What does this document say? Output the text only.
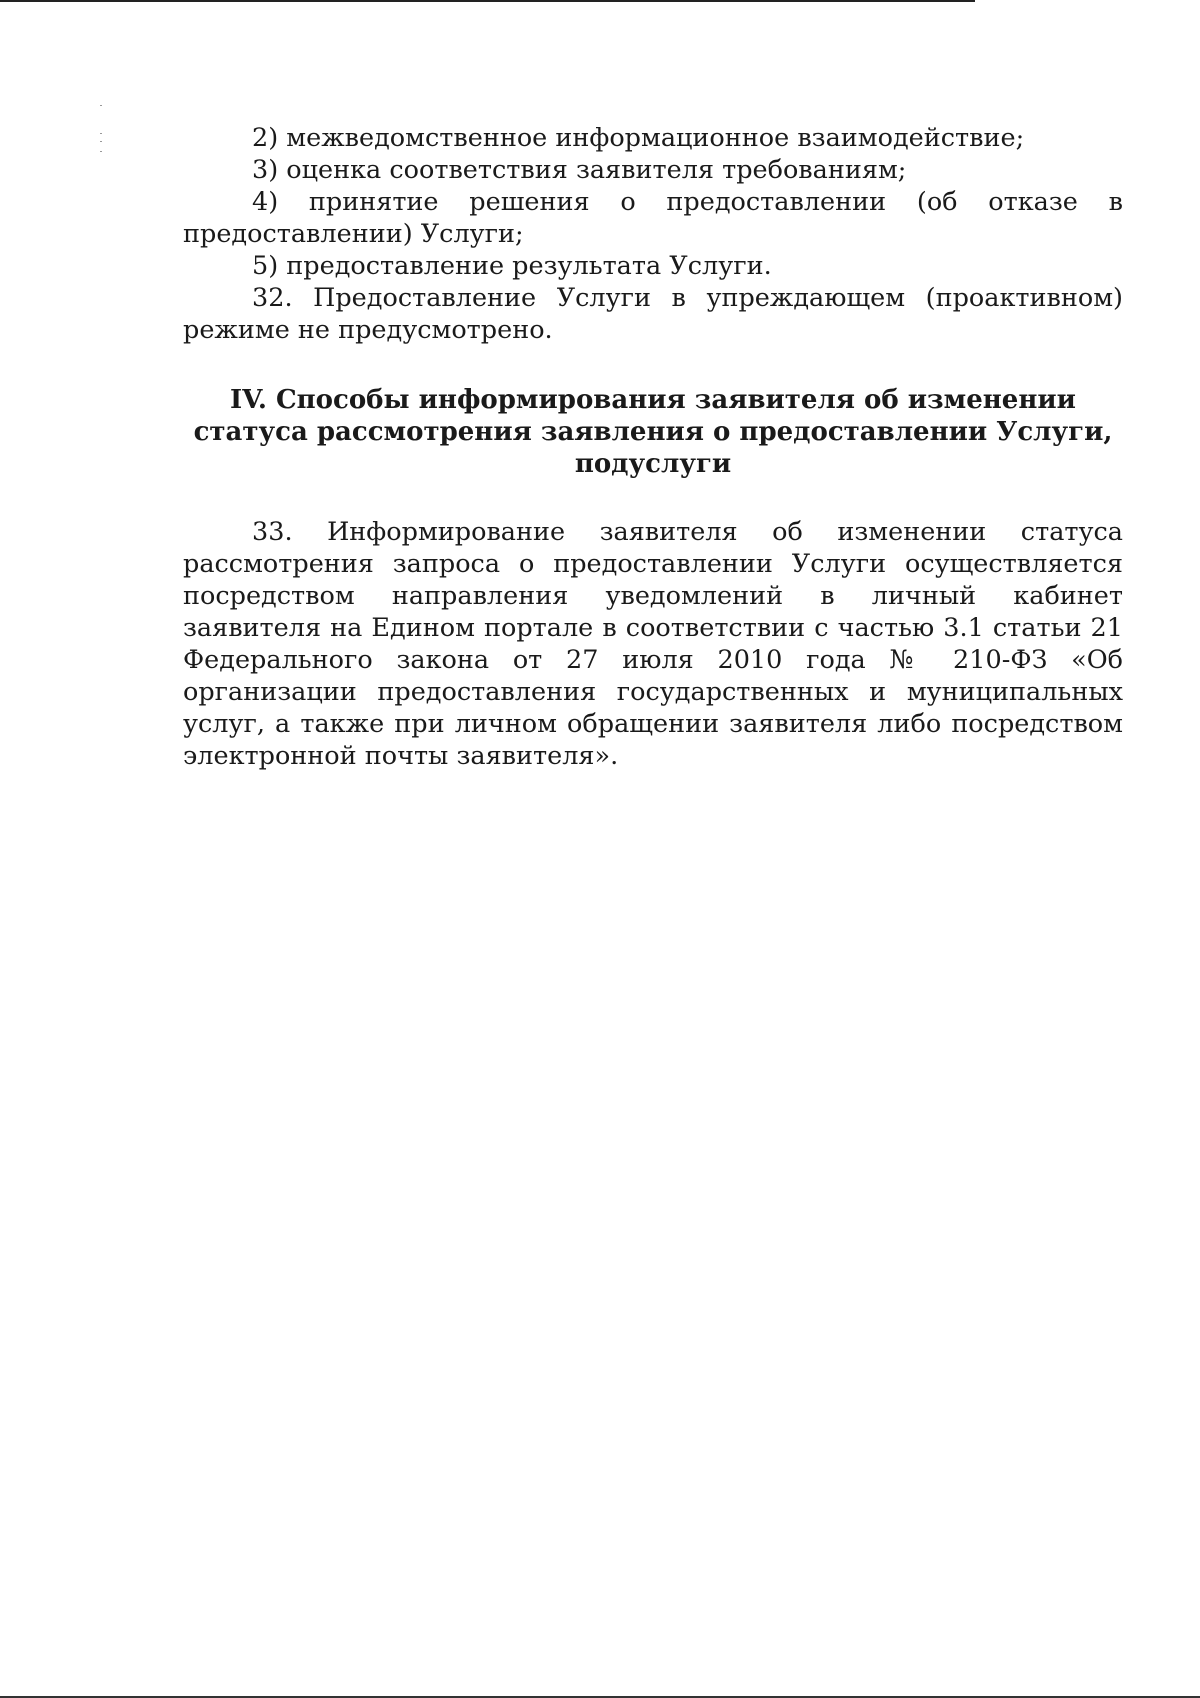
2) межведомственное информационное взаимодействие;

3) оценка соответствия заявителя требованиям;

4) принятие решения о предоставлении (об отказе в предоставлении) Услуги;

5) предоставление результата Услуги.

32. Предоставление Услуги в упреждающем (проактивном) режиме не предусмотрено.

IV. Способы информирования заявителя об изменении
статуса рассмотрения заявления о предоставлении Услуги, подуслуги

33. Информирование заявителя об изменении статуса рассмотрения запроса о предоставлении Услуги осуществляется посредством направления уведомлений в личный кабинет заявителя на Едином портале в соответствии с частью 3.1 статьи 21 Федерального закона от 27 июля 2010 года № 210-ФЗ «Об организации предоставления государственных и муниципальных услуг, а также при личном обращении заявителя либо посредством электронной почты заявителя».
